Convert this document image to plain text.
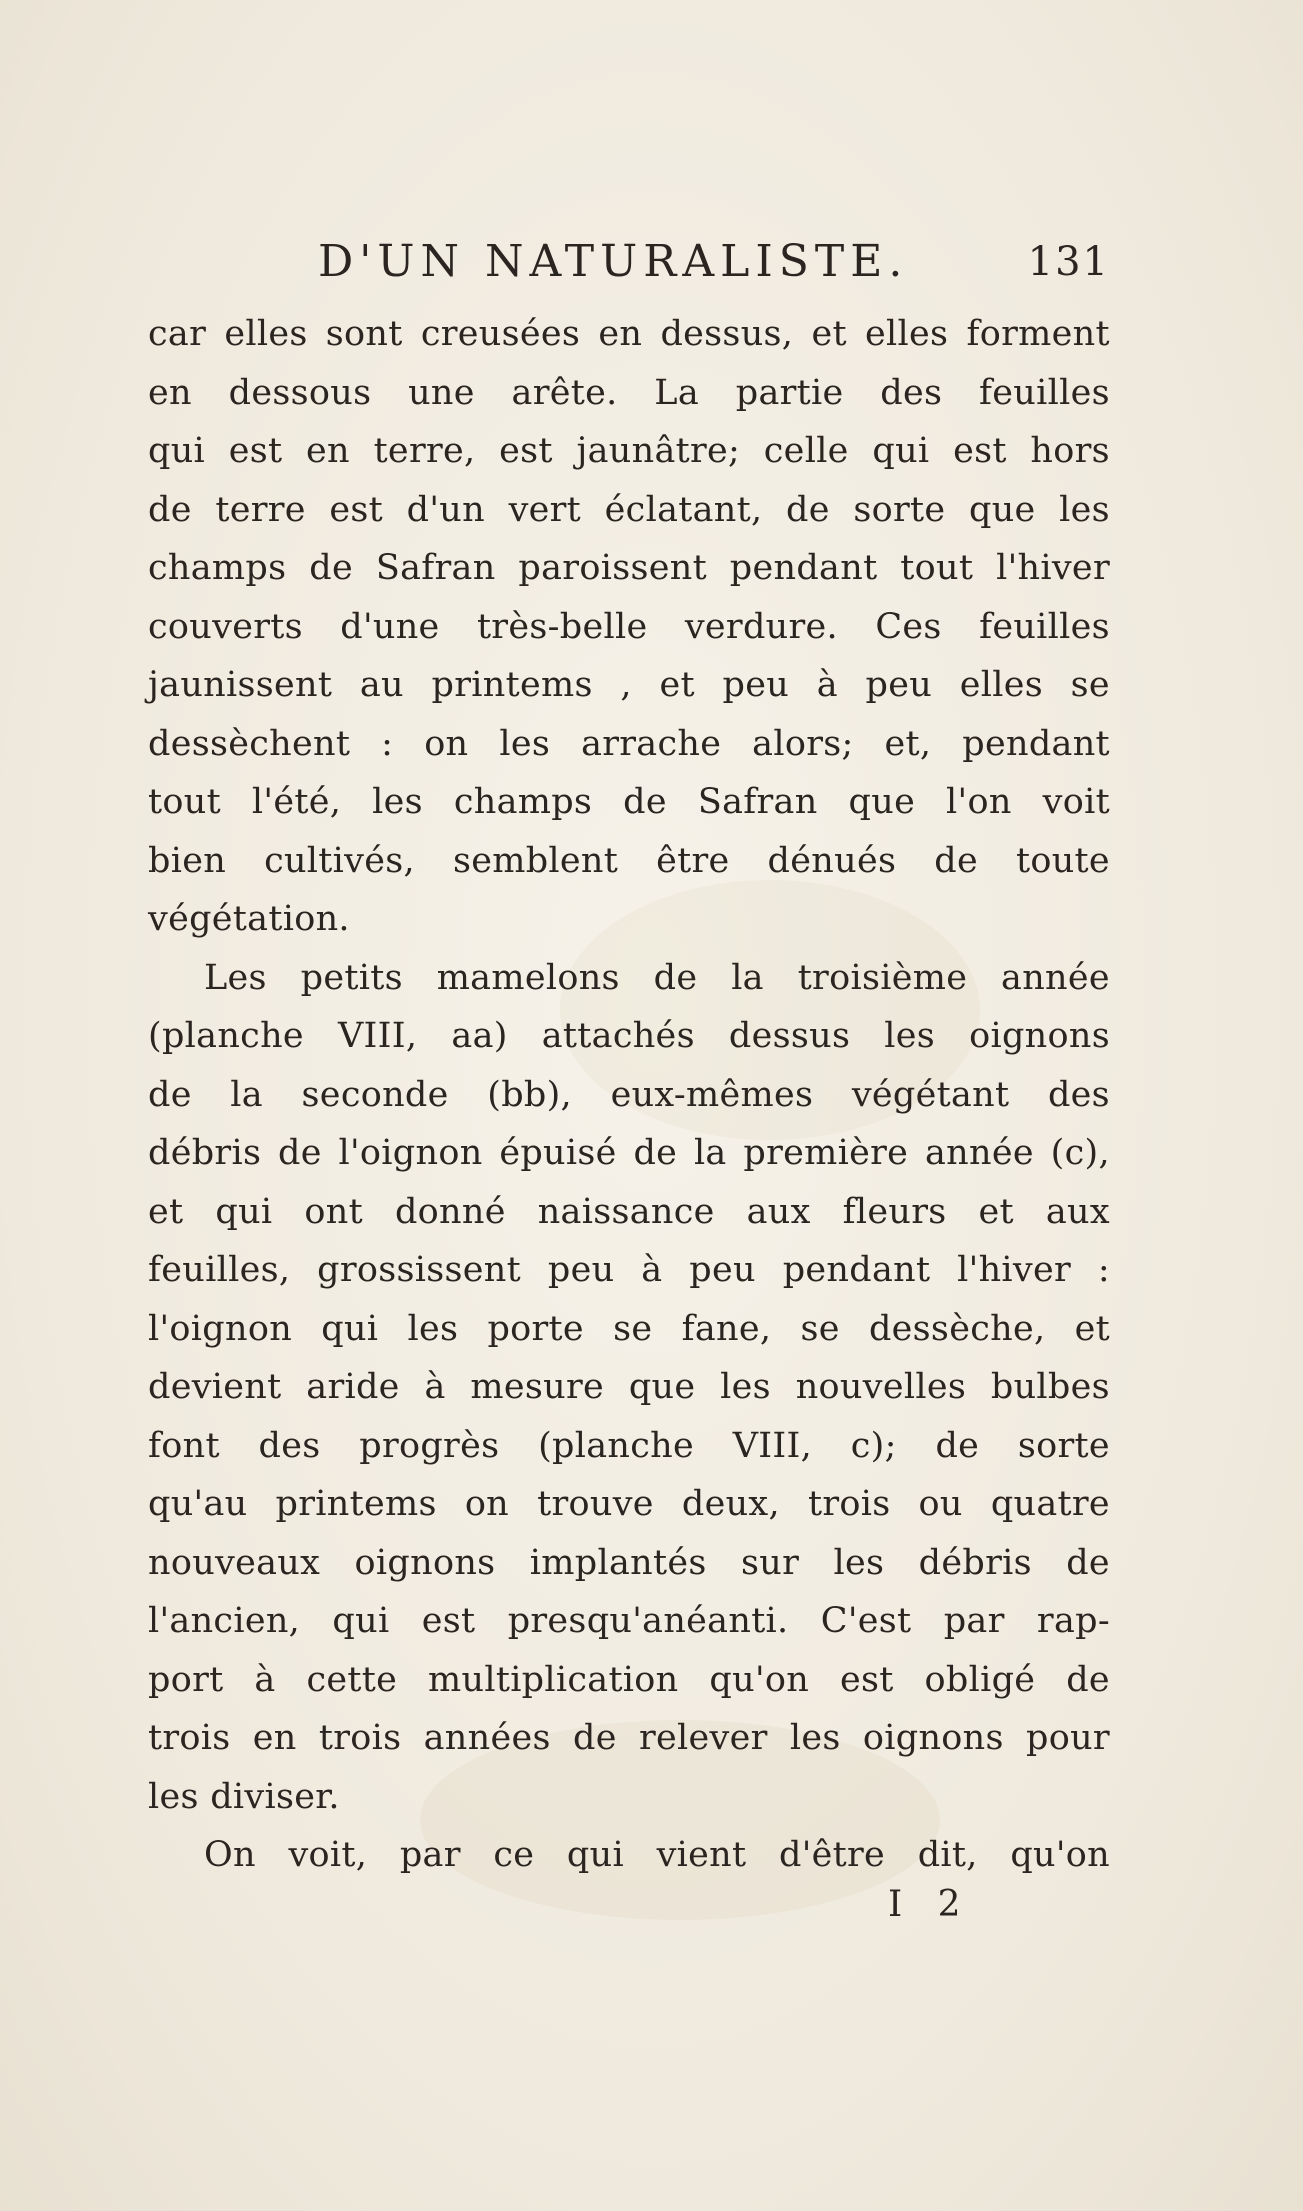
D'UN NATURALISTE.	131
car elles sont creusées en dessus, et elles forment
en dessous une arête. La partie des feuilles
qui est en terre, est jaunâtre; celle qui est hors
de terre est d'un vert éclatant, de sorte que les
champs de Safran paroissent pendant tout l'hiver
couverts d'une très-belle verdure. Ces feuilles
jaunissent au printems , et peu à peu elles se
dessèchent : on les arrache alors; et, pendant
tout l'été, les champs de Safran que l'on voit
bien cultivés, semblent être dénués de toute
végétation.
Les petits mamelons de la troisième année
(planche VIII, aa) attachés dessus les oignons
de la seconde (bb), eux-mêmes végétant des
débris de l'oignon épuisé de la première année (c),
et qui ont donné naissance aux fleurs et aux
feuilles, grossissent peu à peu pendant l'hiver :
l'oignon qui les porte se fane, se dessèche, et
devient aride à mesure que les nouvelles bulbes
font des progrès (planche VIII, c); de sorte
qu'au printems on trouve deux, trois ou quatre
nouveaux oignons implantés sur les débris de
l'ancien, qui est presqu'anéanti. C'est par rap-
port à cette multiplication qu'on est obligé de
trois en trois années de relever les oignons pour
les diviser.
On voit, par ce qui vient d'être dit, qu'on
I 2
